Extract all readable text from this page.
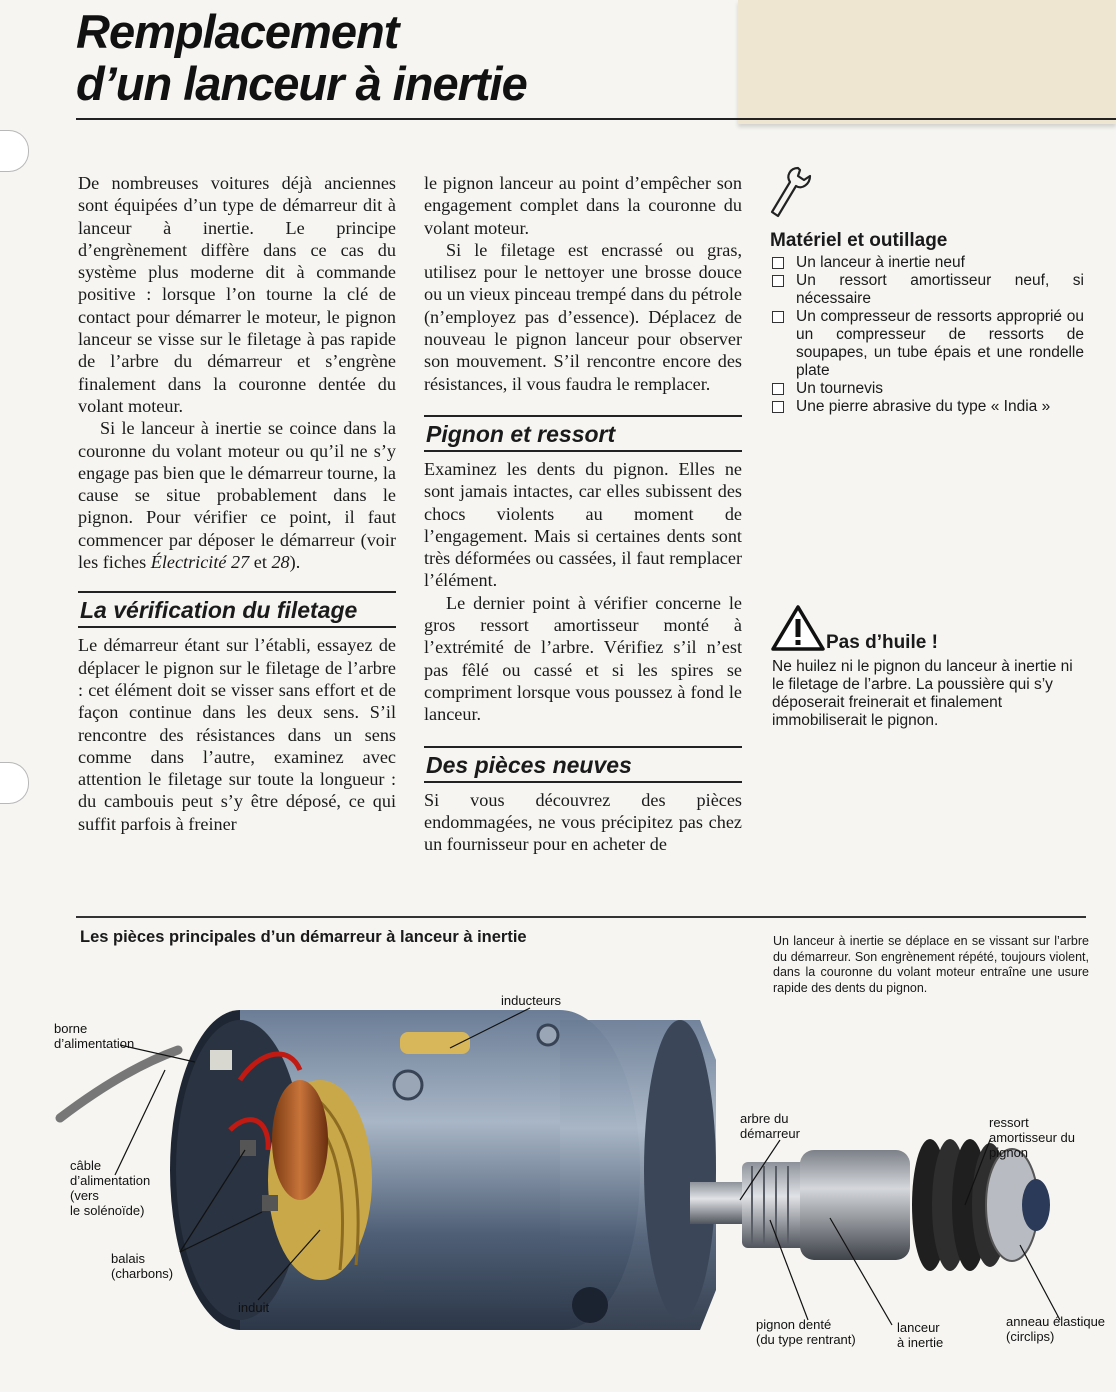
Remplacement
d’un lanceur à inertie

De nombreuses voitures déjà anciennes sont équipées d’un type de démarreur dit à lanceur à inertie. Le principe d’engrènement diffère dans ce cas du système plus moderne dit à commande positive : lorsque l’on tourne la clé de contact pour démarrer le moteur, le pignon lanceur se visse sur le filetage à pas rapide de l’arbre du démarreur et s’engrène finalement dans la couronne dentée du volant moteur.

Si le lanceur à inertie se coince dans la couronne du volant moteur ou qu’il ne s’y engage pas bien que le démarreur tourne, la cause se situe probablement dans le pignon. Pour vérifier ce point, il faut commencer par déposer le démarreur (voir les fiches Électricité 27 et 28).

La vérification du filetage

Le démarreur étant sur l’établi, essayez de déplacer le pignon sur le filetage de l’arbre : cet élément doit se visser sans effort et de façon continue dans les deux sens. S’il rencontre des résistances dans un sens comme dans l’autre, examinez avec attention le filetage sur toute la longueur : du cambouis peut s’y être déposé, ce qui suffit parfois à freiner

le pignon lanceur au point d’empêcher son engagement complet dans la couronne du volant moteur.

Si le filetage est encrassé ou gras, utilisez pour le nettoyer une brosse douce ou un vieux pinceau trempé dans du pétrole (n’employez pas d’essence). Déplacez de nouveau le pignon lanceur pour observer son mouvement. S’il rencontre encore des résistances, il vous faudra le remplacer.

Pignon et ressort

Examinez les dents du pignon. Elles ne sont jamais intactes, car elles subissent des chocs violents au moment de l’engagement. Mais si certaines dents sont très déformées ou cassées, il faut remplacer l’élément.

Le dernier point à vérifier concerne le gros ressort amortisseur monté à l’extrémité de l’arbre. Vérifiez s’il n’est pas fêlé ou cassé et si les spires se compriment lorsque vous poussez à fond le lanceur.

Des pièces neuves

Si vous découvrez des pièces endommagées, ne vous précipitez pas chez un fournisseur pour en acheter de

Matériel et outillage
Un lanceur à inertie neuf
Un ressort amortisseur neuf, si nécessaire
Un compresseur de ressorts approprié ou un compresseur de ressorts de soupapes, un tube épais et une rondelle plate
Un tournevis
Une pierre abrasive du type « India »
Pas d’huile !
Ne huilez ni le pignon du lanceur à inertie ni le filetage de l’arbre. La poussière qui s’y déposerait freinerait et finalement immobiliserait le pignon.
Les pièces principales d’un démarreur à lanceur à inertie	Un lanceur à inertie se déplace en se vissant sur l’arbre du démarreur. Son engrènement répété, toujours violent, dans la couronne du volant moteur entraîne une usure rapide des dents du pignon.
inducteurs
borne
d’alimentation
câble
d’alimentation
(vers
le solénoïde)
balais
(charbons)
induit
arbre du
démarreur
ressort
amortisseur du
pignon
pignon denté
(du type rentrant)
lanceur
à inertie
anneau élastique
(circlips)
